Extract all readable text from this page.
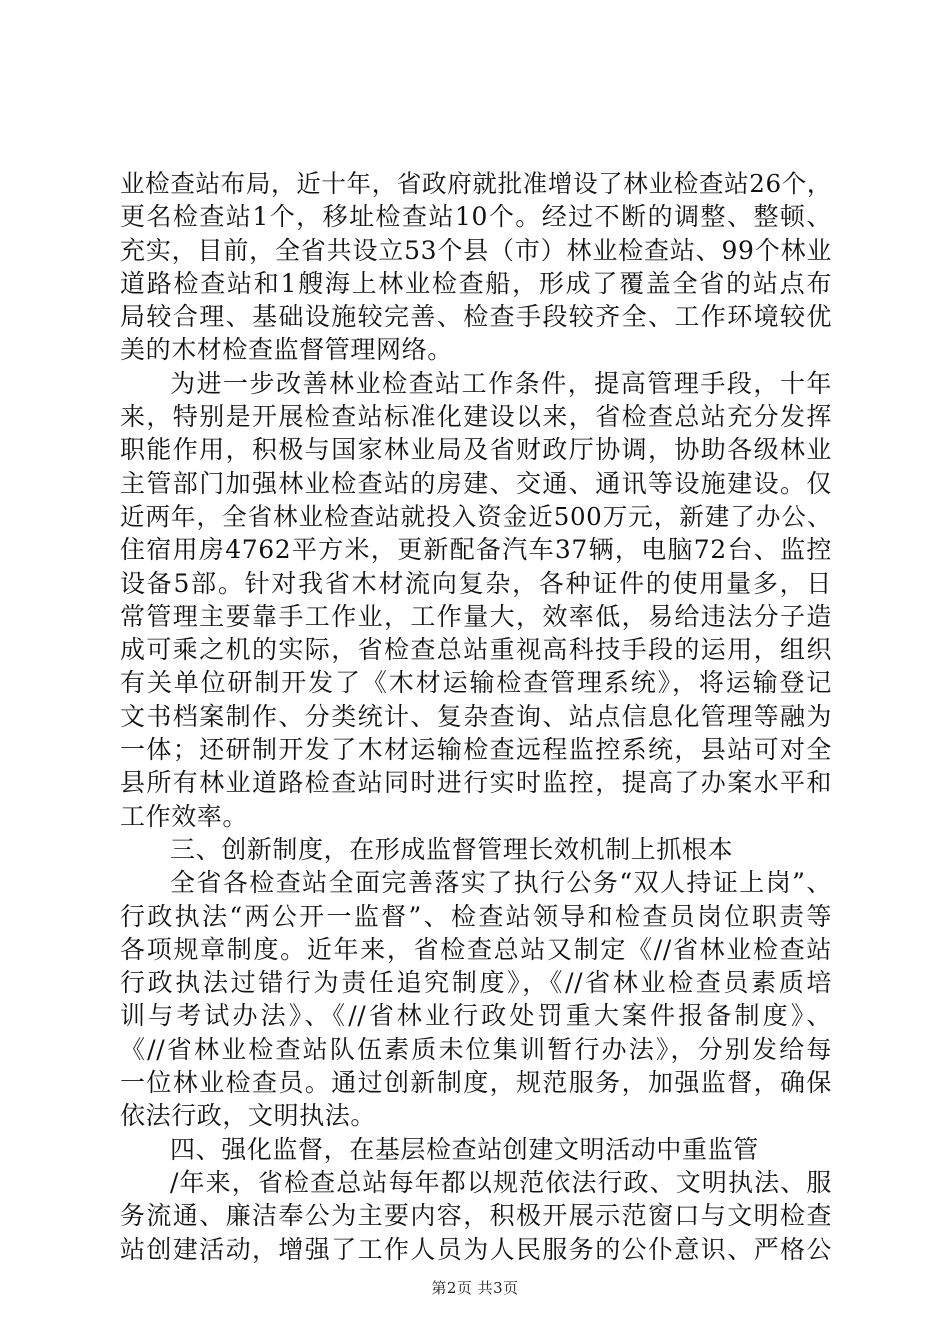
业检查站布局，近十年，省政府就批准增设了林业检查站26个，
更名检查站1个，移址检查站10个。经过不断的调整、整顿、
充实，目前，全省共设立53个县（市）林业检查站、99个林业
道路检查站和1艘海上林业检查船，形成了覆盖全省的站点布
局较合理、基础设施较完善、检查手段较齐全、工作环境较优
美的木材检查监督管理网络。
为进一步改善林业检查站工作条件，提高管理手段，十年
来，特别是开展检查站标准化建设以来，省检查总站充分发挥
职能作用，积极与国家林业局及省财政厅协调，协助各级林业
主管部门加强林业检查站的房建、交通、通讯等设施建设。仅
近两年，全省林业检查站就投入资金近500万元，新建了办公、
住宿用房4762平方米，更新配备汽车37辆，电脑72台、监控
设备5部。针对我省木材流向复杂，各种证件的使用量多，日
常管理主要靠手工作业，工作量大，效率低，易给违法分子造
成可乘之机的实际，省检查总站重视高科技手段的运用，组织
有关单位研制开发了《木材运输检查管理系统》，将运输登记
文书档案制作、分类统计、复杂查询、站点信息化管理等融为
一体；还研制开发了木材运输检查远程监控系统，县站可对全
县所有林业道路检查站同时进行实时监控，提高了办案水平和
工作效率。
三、创新制度，在形成监督管理长效机制上抓根本
全省各检查站全面完善落实了执行公务“双人持证上岗”、
行政执法“两公开一监督”、检查站领导和检查员岗位职责等
各项规章制度。近年来，省检查总站又制定《//省林业检查站
行政执法过错行为责任追究制度》，《//省林业检查员素质培
训与考试办法》、《//省林业行政处罚重大案件报备制度》、
《//省林业检查站队伍素质未位集训暂行办法》，分别发给每
一位林业检查员。通过创新制度，规范服务，加强监督，确保
依法行政，文明执法。
四、强化监督，在基层检查站创建文明活动中重监管
/年来，省检查总站每年都以规范依法行政、文明执法、服
务流通、廉洁奉公为主要内容，积极开展示范窗口与文明检查
站创建活动，增强了工作人员为人民服务的公仆意识、严格公
第2页 共3页
